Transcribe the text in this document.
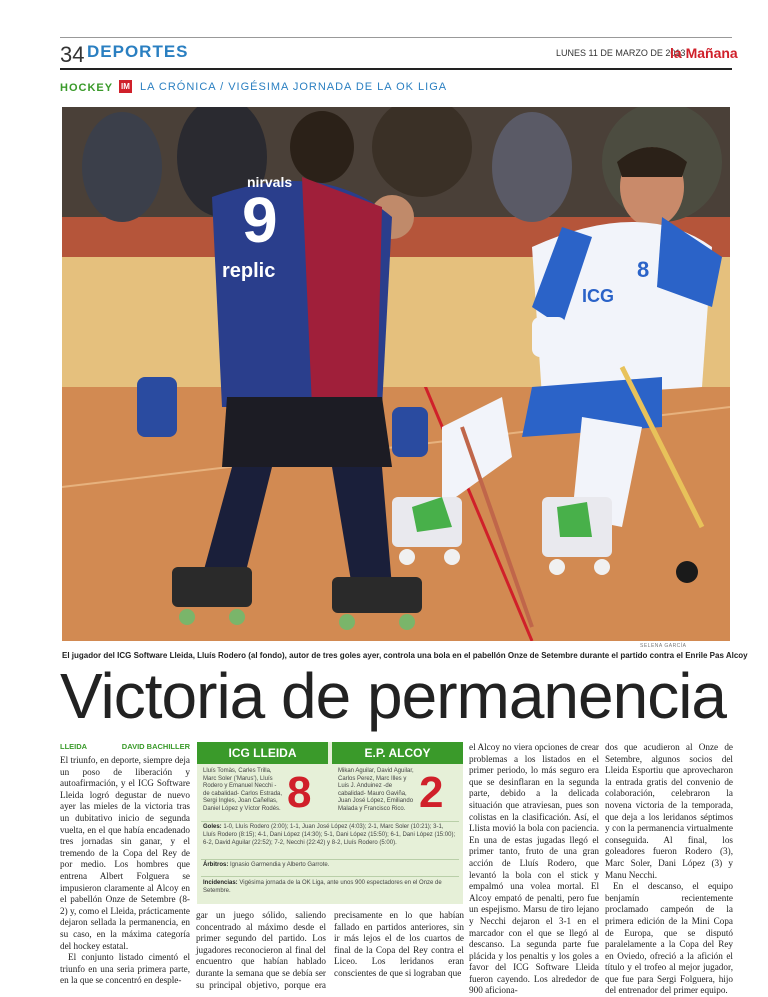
34 DEPORTES	LUNES 11 DE MARZO DE 2013
la Mañana
HOCKEY lM LA CRÓNICA / VIGÉSIMA JORNADA DE LA OK LIGA
9
nirvals
replic	8
ICG
SELENA GARCÍA
El jugador del ICG Software Lleida, Lluís Rodero (al fondo), autor de tres goles ayer, controla una bola en el pabellón Onze de Setembre durante el partido contra el Enrile Pas Alcoy
Victoria de permanencia
LLEIDA	DAVID BACHILLER

El triunfo, en deporte, siempre deja un poso de liberación y autoafirmación, y el ICG Software Lleida logró degustar de nuevo ayer las mieles de la victoria tras un dubitativo inicio de segunda vuelta, en el que había encadenado tres jornadas sin ganar, y el tremendo de la Copa del Rey de por medio. Los hombres que entrena Albert Folguera se impusieron claramente al Alcoy en el pabellón Onze de Setembre (8-2) y, como el Lleida, prácticamente dejaron sellada la permanencia, en su caso, en la máxima categoría del hockey estatal.

El conjunto listado cimentó el triunfo en una seria primera parte, en la que se concentró en desple-

ICG LLEIDA	E.P. ALCOY
Lluís Tomàs, Carles Trilla, Marc Soler ('Marus'), Lluís Rodero y Emanuel Necchi -de cabalidad- Carlos Estrada, Sergi Ingles, Joan Cañellas, Daniel López y Víctor Rodés. 8	Mikan Aguilar, David Aguilar, Carlos Perez, Marc Illes y Luis J. Anduinez -de cabalidad- Mauro Gaviña, Juan José López, Emiliando Malada y Francisco Rico. 2
Goles: 1-0, Lluís Rodero (2:00); 1-1, Juan José López (4:03); 2-1, Marc Soler (10:21); 3-1, Lluís Rodero (8:15); 4-1, Dani López (14:30); 5-1, Dani López (15:50); 6-1, Dani López (15:00); 6-2, David Aguilar (22:52); 7-2, Necchi (22:42) y 8-2, Lluís Rodero (5:00).
Árbitros: Ignasio Garmendia y Alberto Garrote.
Incidencias: Vigésima jornada de la OK Liga, ante unos 900 espectadores en el Onze de Setembre.

gar un juego sólido, saliendo concentrado al máximo desde el primer segundo del partido. Los jugadores reconocieron al final del encuentro que habían hablado durante la semana que se debía ser su principal objetivo, porque era precisamente en lo que habían fallado en partidos anteriores, sin ir más lejos el de los cuartos de final de la Copa del Rey contra el Liceo. Los leridanos eran conscientes de que si lograban que

el Alcoy no viera opciones de crear problemas a los listados en el primer periodo, lo más seguro era que se desinflaran en la segunda parte, debido a la delicada situación que atraviesan, pues son colistas en la clasificación. Así, el Llista movió la bola con paciencia. En una de estas jugadas llegó el primer tanto, fruto de una gran acción de Lluís Rodero, que levantó la bola con el stick y empalmó una volea mortal. El Alcoy empató de penalti, pero fue un espejismo. Marsu de tiro lejano y Necchi dejaron el 3-1 en el marcador con el que se llegó al descanso. La segunda parte fue plácida y los penaltis y los goles a favor del ICG Software Lleida fueron cayendo. Los alrededor de 900 aficiona-

dos que acudieron al Onze de Setembre, algunos socios del Lleida Esportiu que aprovecharon la entrada gratis del convenio de colaboración, celebraron la novena victoria de la temporada, que deja a los leridanos séptimos y con la permanencia virtualmente conseguida. Al final, los goleadores fueron Rodero (3), Marc Soler, Dani López (3) y Manu Necchi.

En el descanso, el equipo benjamín recientemente proclamado campeón de la primera edición de la Mini Copa de Europa, que se disputó paralelamente a la Copa del Rey en Oviedo, ofreció a la afición el título y el trofeo al mejor jugador, que fue para Sergi Folguera, hijo del entrenador del primer equipo.
